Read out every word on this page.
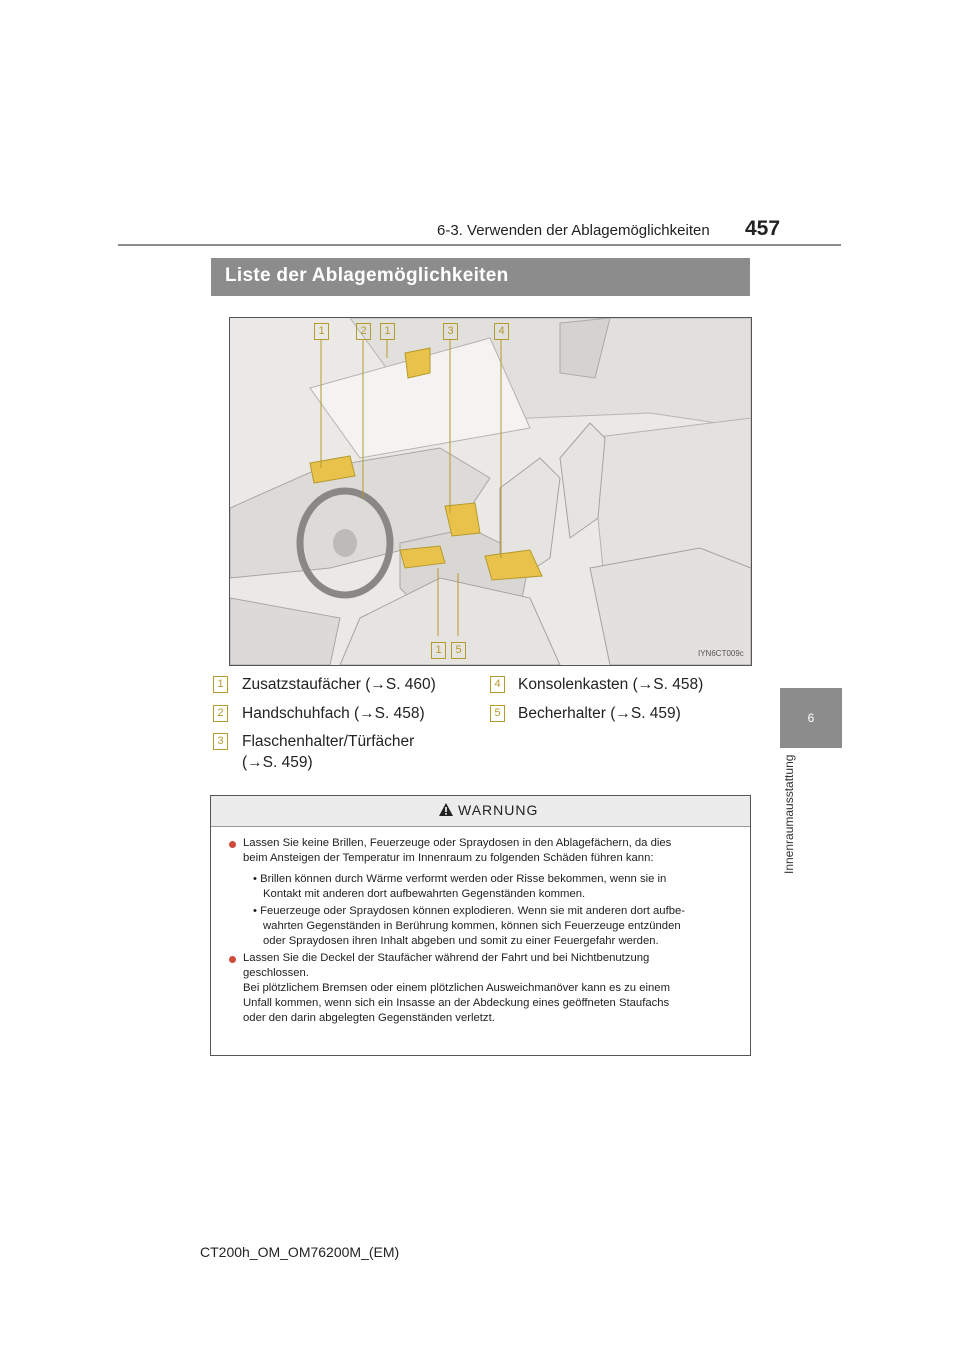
6-3. Verwenden der Ablagemöglichkeiten 457
6
Innenraumausstattung
Liste der Ablagemöglichkeiten
1	2	1	3	4
1	5	IYN6CT009c
1 Zusatzstaufächer (→S. 460)
2 Handschuhfach (→S. 458)
3 Flaschenhalter/Türfächer
(→S. 459)
4 Konsolenkasten (→S. 458)
5 Becherhalter (→S. 459)
WARNUNG
Lassen Sie keine Brillen, Feuerzeuge oder Spraydosen in den Ablagefächern, da dies
beim Ansteigen der Temperatur im Innenraum zu folgenden Schäden führen kann:
• Brillen können durch Wärme verformt werden oder Risse bekommen, wenn sie in
Kontakt mit anderen dort aufbewahrten Gegenständen kommen.
• Feuerzeuge oder Spraydosen können explodieren. Wenn sie mit anderen dort aufbe-
wahrten Gegenständen in Berührung kommen, können sich Feuerzeuge entzünden
oder Spraydosen ihren Inhalt abgeben und somit zu einer Feuergefahr werden.
Lassen Sie die Deckel der Staufächer während der Fahrt und bei Nichtbenutzung
geschlossen.
Bei plötzlichem Bremsen oder einem plötzlichen Ausweichmanöver kann es zu einem
Unfall kommen, wenn sich ein Insasse an der Abdeckung eines geöffneten Staufachs
oder den darin abgelegten Gegenständen verletzt.
CT200h_OM_OM76200M_(EM)
